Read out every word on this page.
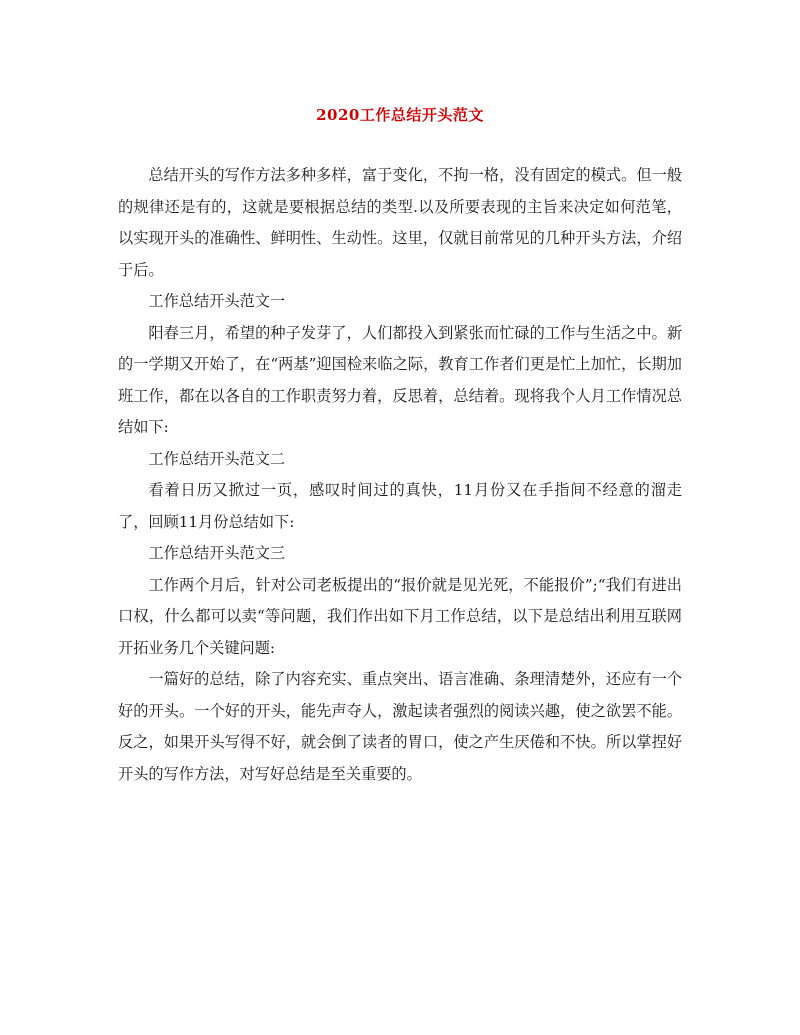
2020工作总结开头范文

总结开头的写作方法多种多样，富于变化，不拘一格，没有固定的模式。但一般的规律还是有的，这就是要根据总结的类型.以及所要表现的主旨来决定如何范笔，以实现开头的准确性、鲜明性、生动性。这里，仅就目前常见的几种开头方法，介绍于后。

工作总结开头范文一

阳春三月，希望的种子发芽了，人们都投入到紧张而忙碌的工作与生活之中。新的一学期又开始了，在“两基”迎国检来临之际，教育工作者们更是忙上加忙，长期加班工作，都在以各自的工作职责努力着，反思着，总结着。现将我个人月工作情况总结如下:

工作总结开头范文二

看着日历又掀过一页，感叹时间过的真快，11月份又在手指间不经意的溜走了，回顾11月份总结如下:

工作总结开头范文三

工作两个月后，针对公司老板提出的“报价就是见光死，不能报价”;“我们有进出口权，什么都可以卖“等问题，我们作出如下月工作总结，以下是总结出利用互联网开拓业务几个关键问题:

一篇好的总结，除了内容充实、重点突出、语言准确、条理清楚外，还应有一个好的开头。一个好的开头，能先声夺人，激起读者强烈的阅读兴趣，使之欲罢不能。反之，如果开头写得不好，就会倒了读者的胃口，使之产生厌倦和不快。所以掌捏好开头的写作方法，对写好总结是至关重要的。
